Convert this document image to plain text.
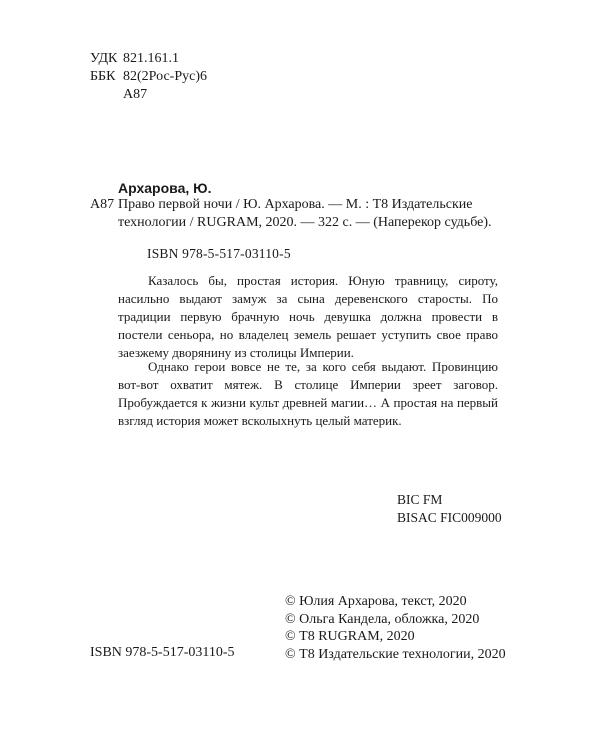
УДК 821.161.1
ББК 82(2Рос-Рус)6
А87
Архарова, Ю.
А87 Право первой ночи / Ю. Архарова. — М. : Т8 Издательские
технологии / RUGRAM, 2020. — 322 с. — (Наперекор судьбе).
ISBN 978-5-517-03110-5

Казалось бы, простая история. Юную травницу, сироту, насильно выдают замуж за сына деревенского старосты. По традиции первую брачную ночь девушка должна провести в постели сеньора, но владелец земель решает уступить свое право заезжему дворянину из столицы Империи.

Однако герои вовсе не те, за кого себя выдают. Провинцию вот-вот охватит мятеж. В столице Империи зреет заговор. Пробуждается к жизни культ древней магии… А простая на первый взгляд история может всколыхнуть целый материк.

BIC FM
BISAC FIC009000
© Юлия Архарова, текст, 2020
© Ольга Кандела, обложка, 2020
© Т8 RUGRAM, 2020
© Т8 Издательские технологии, 2020
ISBN 978-5-517-03110-5
